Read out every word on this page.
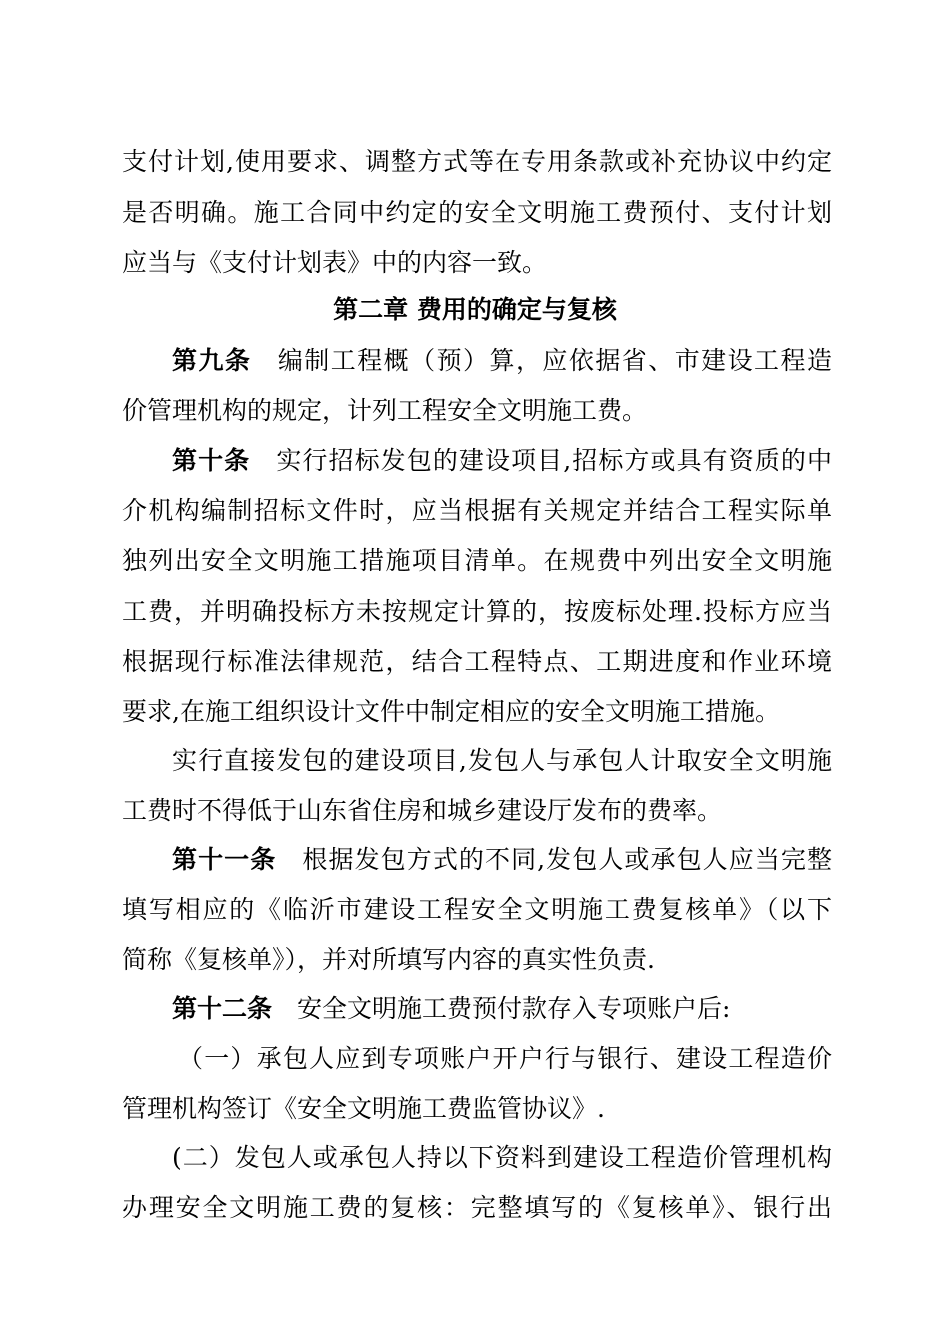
支付计划,使用要求、调整方式等在专用条款或补充协议中约定
是否明确。施工合同中约定的安全文明施工费预付、支付计划
应当与《支付计划表》中的内容一致。
第二章 费用的确定与复核
第九条　 编制工程概（预）算，应依据省、市建设工程造
价管理机构的规定，计列工程安全文明施工费。
第十条　 实行招标发包的建设项目,招标方或具有资质的中
介机构编制招标文件时，应当根据有关规定并结合工程实际单
独列出安全文明施工措施项目清单。在规费中列出安全文明施
工费，并明确投标方未按规定计算的，按废标处理.投标方应当
根据现行标准法律规范，结合工程特点、工期进度和作业环境
要求,在施工组织设计文件中制定相应的安全文明施工措施。
实行直接发包的建设项目,发包人与承包人计取安全文明施
工费时不得低于山东省住房和城乡建设厅发布的费率。
第十一条　 根据发包方式的不同,发包人或承包人应当完整
填写相应的《临沂市建设工程安全文明施工费复核单》（以下
简称《复核单》），并对所填写内容的真实性负责.
第十二条　 安全文明施工费预付款存入专项账户后:
（一）承包人应到专项账户开户行与银行、建设工程造价
管理机构签订《安全文明施工费监管协议》.
(二）发包人或承包人持以下资料到建设工程造价管理机构
办理安全文明施工费的复核：完整填写的《复核单》、银行出
